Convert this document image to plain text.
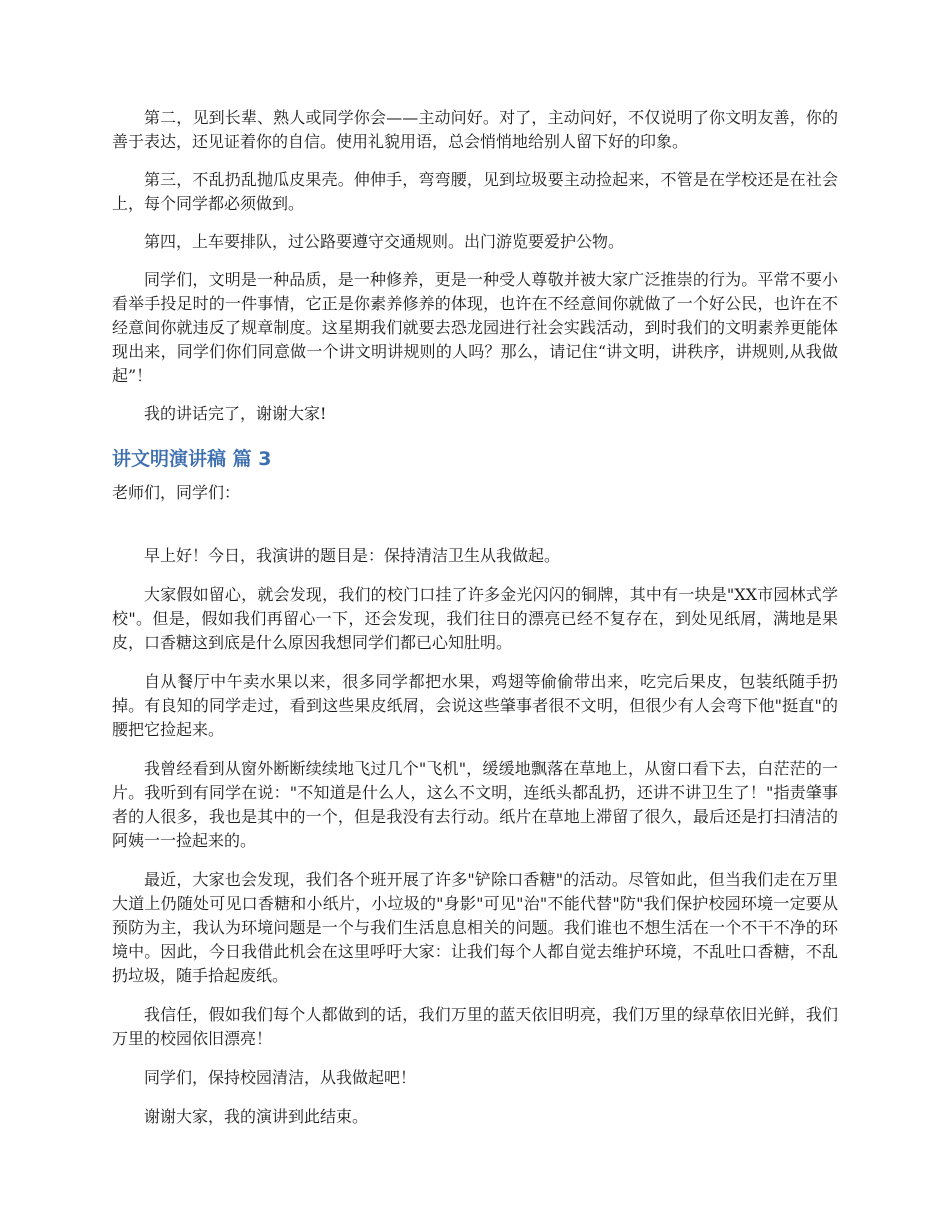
第二，见到长辈、熟人或同学你会——主动问好。对了，主动问好，不仅说明了你文明友善，你的善于表达，还见证着你的自信。使用礼貌用语，总会悄悄地给别人留下好的印象。

第三，不乱扔乱抛瓜皮果壳。伸伸手，弯弯腰，见到垃圾要主动捡起来，不管是在学校还是在社会上，每个同学都必须做到。

第四，上车要排队，过公路要遵守交通规则。出门游览要爱护公物。

同学们，文明是一种品质，是一种修养，更是一种受人尊敬并被大家广泛推崇的行为。平常不要小看举手投足时的一件事情，它正是你素养修养的体现，也许在不经意间你就做了一个好公民，也许在不经意间你就违反了规章制度。这星期我们就要去恐龙园进行社会实践活动，到时我们的文明素养更能体现出来，同学们你们同意做一个讲文明讲规则的人吗？那么，请记住“讲文明，讲秩序，讲规则,从我做起”！

我的讲话完了，谢谢大家!

讲文明演讲稿 篇 3

老师们，同学们：

早上好！今日，我演讲的题目是：保持清洁卫生从我做起。

大家假如留心，就会发现，我们的校门口挂了许多金光闪闪的铜牌，其中有一块是"XX市园林式学校"。但是，假如我们再留心一下，还会发现，我们往日的漂亮已经不复存在，到处见纸屑，满地是果皮，口香糖这到底是什么原因我想同学们都已心知肚明。

自从餐厅中午卖水果以来，很多同学都把水果，鸡翅等偷偷带出来，吃完后果皮，包装纸随手扔掉。有良知的同学走过，看到这些果皮纸屑，会说这些肇事者很不文明，但很少有人会弯下他"挺直"的腰把它捡起来。

我曾经看到从窗外断断续续地飞过几个"飞机"，缓缓地飘落在草地上，从窗口看下去，白茫茫的一片。我听到有同学在说："不知道是什么人，这么不文明，连纸头都乱扔，还讲不讲卫生了！"指责肇事者的人很多，我也是其中的一个，但是我没有去行动。纸片在草地上滞留了很久，最后还是打扫清洁的阿姨一一捡起来的。

最近，大家也会发现，我们各个班开展了许多"铲除口香糖"的活动。尽管如此，但当我们走在万里大道上仍随处可见口香糖和小纸片，小垃圾的"身影"可见"治"不能代替"防"我们保护校园环境一定要从预防为主，我认为环境问题是一个与我们生活息息相关的问题。我们谁也不想生活在一个不干不净的环境中。因此，今日我借此机会在这里呼吁大家：让我们每个人都自觉去维护环境，不乱吐口香糖，不乱扔垃圾，随手拾起废纸。

我信任，假如我们每个人都做到的话，我们万里的蓝天依旧明亮，我们万里的绿草依旧光鲜，我们万里的校园依旧漂亮！

同学们，保持校园清洁，从我做起吧！

谢谢大家，我的演讲到此结束。
